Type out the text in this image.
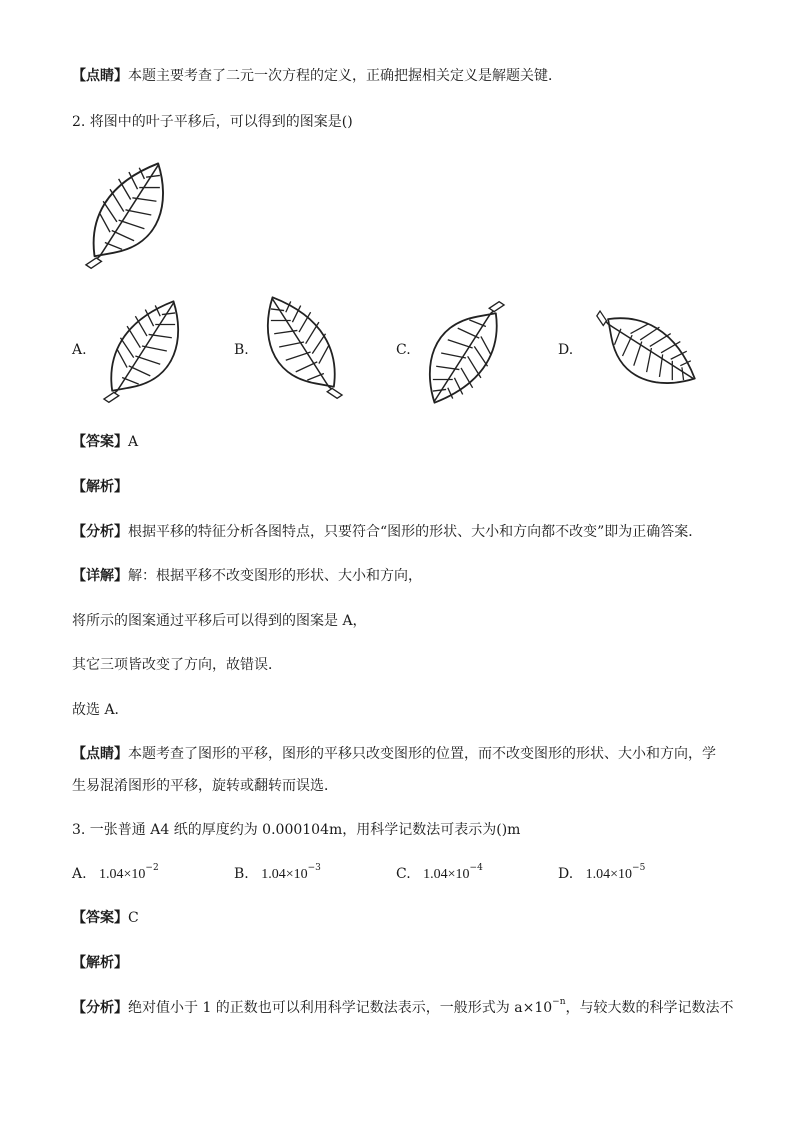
【点睛】本题主要考查了二元一次方程的定义，正确把握相关定义是解题关键．
2. 将图中的叶子平移后，可以得到的图案是()
A.	B.	C.	D.
【答案】A
【解析】
【分析】根据平移的特征分析各图特点，只要符合“图形的形状、大小和方向都不改变”即为正确答案．
【详解】解：根据平移不改变图形的形状、大小和方向，
将所示的图案通过平移后可以得到的图案是 A，
其它三项皆改变了方向，故错误．
故选 A．
【点睛】本题考查了图形的平移，图形的平移只改变图形的位置，而不改变图形的形状、大小和方向，学
生易混淆图形的平移，旋转或翻转而误选．
3. 一张普通 A4 纸的厚度约为 0.000104m，用科学记数法可表示为()m
A. $1.04\times 10^{-2}$	B. $1.04\times 10^{-3}$	C. $1.04\times 10^{-4}$	D. $1.04\times 10^{-5}$
【答案】C
【解析】
【分析】绝对值小于 1 的正数也可以利用科学记数法表示，一般形式为 $a\times 10^{-n}$，与较大数的科学记数法不
